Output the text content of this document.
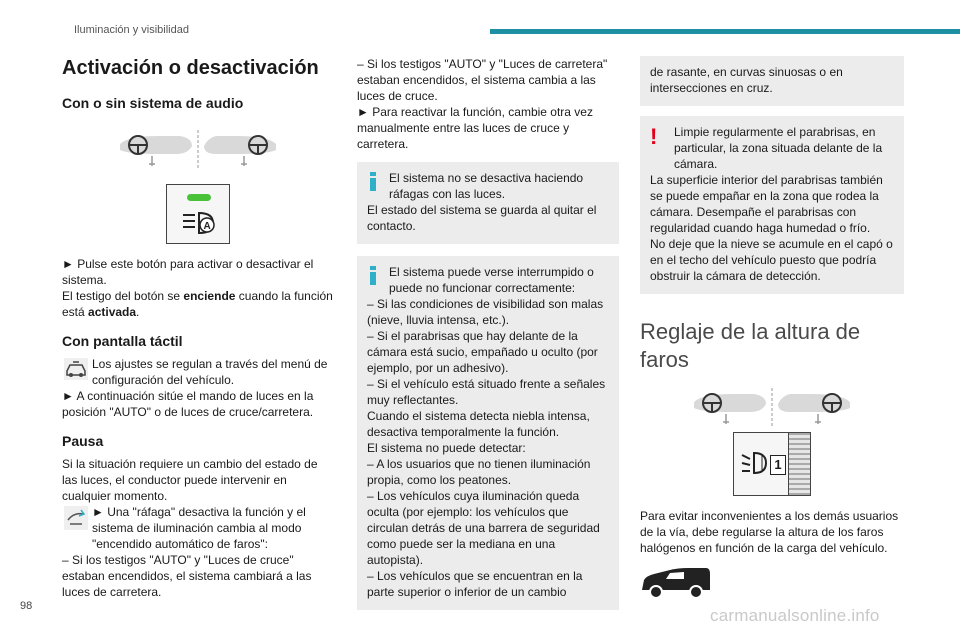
Iluminación y visibilidad
Activación o desactivación
Con o sin sistema de audio
A

► Pulse este botón para activar o desactivar el sistema.

El testigo del botón se enciende cuando la función está activada.

Con pantalla táctil

Los ajustes se regulan a través del menú de configuración del vehículo.

► A continuación sitúe el mando de luces en la posición "AUTO" o de luces de cruce/carretera.

Pausa

Si la situación requiere un cambio del estado de las luces, el conductor puede intervenir en cualquier momento.

► Una "ráfaga" desactiva la función y el sistema de iluminación cambia al modo "encendido automático de faros":

– Si los testigos "AUTO" y "Luces de cruce" estaban encendidos, el sistema cambiará a las luces de carretera.

– Si los testigos "AUTO" y "Luces de carretera" estaban encendidos, el sistema cambia a las luces de cruce.

► Para reactivar la función, cambie otra vez manualmente entre las luces de cruce y carretera.

El sistema no se desactiva haciendo ráfagas con las luces.

El estado del sistema se guarda al quitar el contacto.

El sistema puede verse interrumpido o puede no funcionar correctamente:

– Si las condiciones de visibilidad son malas (nieve, lluvia intensa, etc.).

– Si el parabrisas que hay delante de la cámara está sucio, empañado u oculto (por ejemplo, por un adhesivo).

– Si el vehículo está situado frente a señales muy reflectantes.

Cuando el sistema detecta niebla intensa, desactiva temporalmente la función.

El sistema no puede detectar:

– A los usuarios que no tienen iluminación propia, como los peatones.

– Los vehículos cuya iluminación queda oculta (por ejemplo: los vehículos que circulan detrás de una barrera de seguridad como puede ser la mediana en una autopista).

– Los vehículos que se encuentran en la parte superior o inferior de un cambio

de rasante, en curvas sinuosas o en intersecciones en cruz.

!	Limpie regularmente el parabrisas, en particular, la zona situada delante de la cámara.

La superficie interior del parabrisas también se puede empañar en la zona que rodea la cámara. Desempañe el parabrisas con regularidad cuando haga humedad o frío.

No deje que la nieve se acumule en el capó o en el techo del vehículo puesto que podría obstruir la cámara de detección.

Reglaje de la altura de faros
1

Para evitar inconvenientes a los demás usuarios de la vía, debe regularse la altura de los faros halógenos en función de la carga del vehículo.

98	carmanualsonline.info
